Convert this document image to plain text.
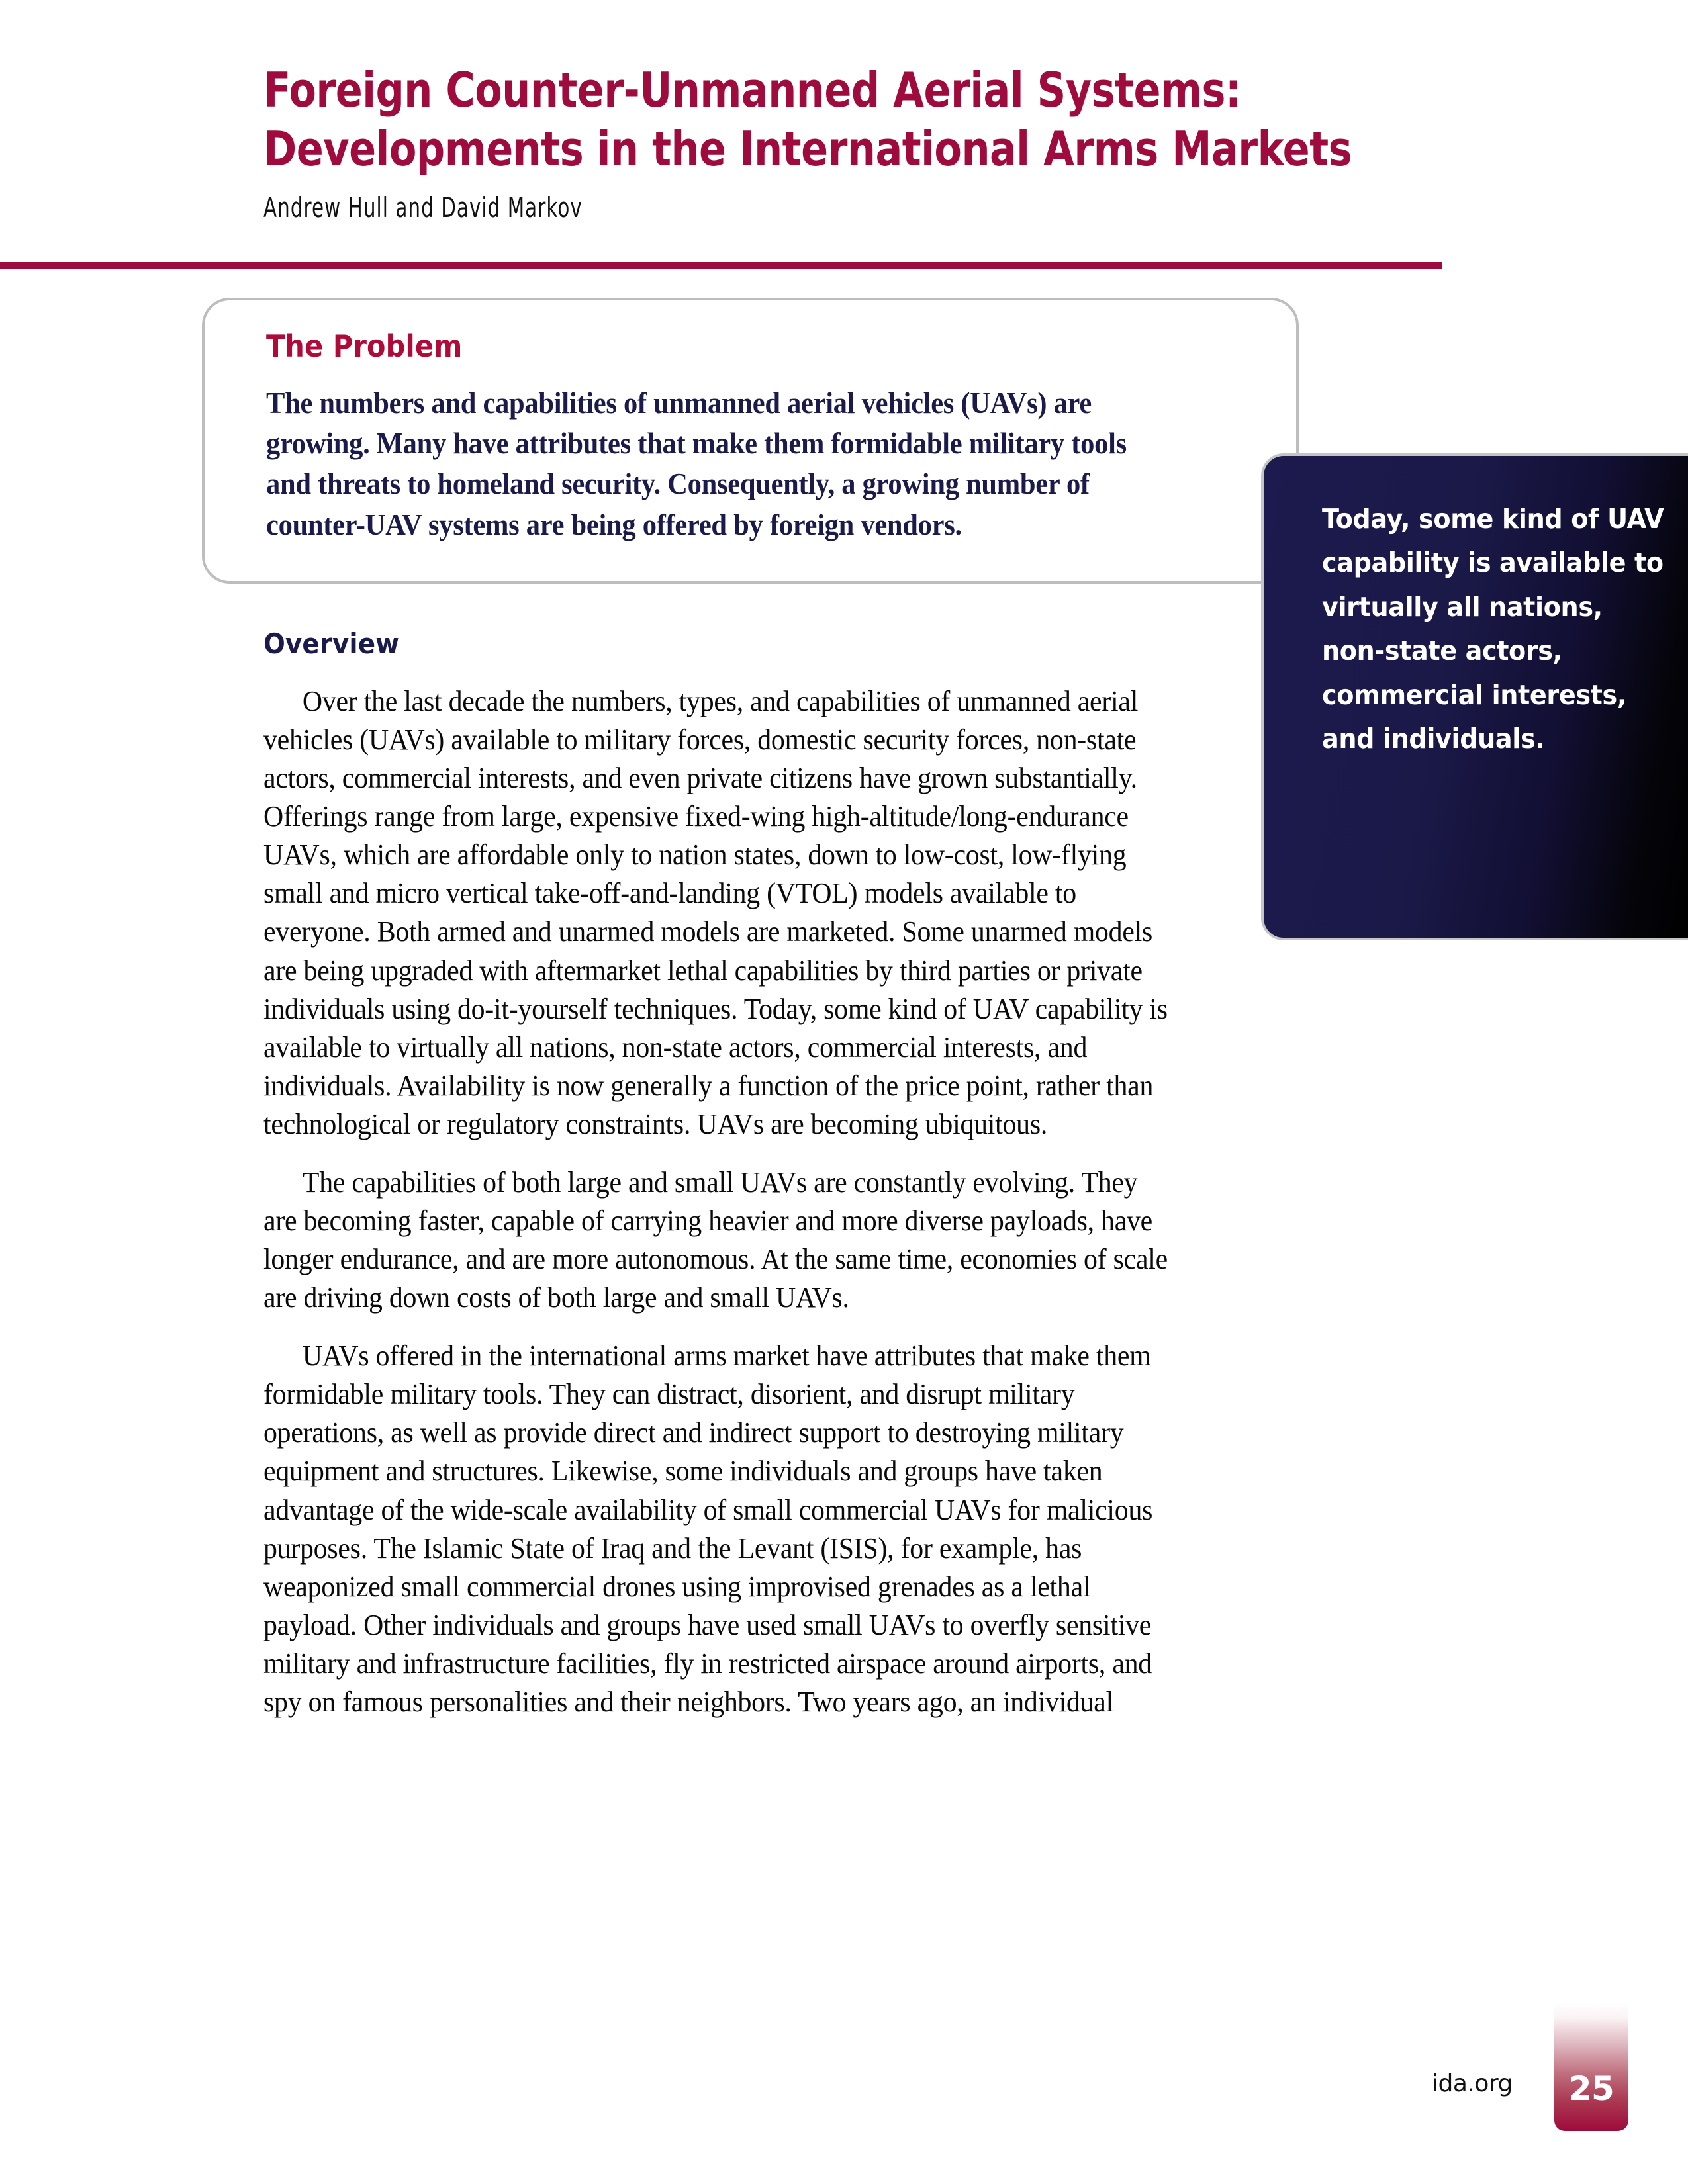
Foreign Counter-Unmanned Aerial Systems:
Developments in the International Arms Markets
Andrew Hull and David Markov
The Problem
The numbers and capabilities of unmanned aerial vehicles (UAVs) are growing. Many have attributes that make them formidable military tools and threats to homeland security. Consequently, a growing number of counter-UAV systems are being offered by foreign vendors.	Today, some kind of UAV capability is available to virtually all nations, non-state actors, commercial interests, and individuals.
Overview

Over the last decade the numbers, types, and capabilities of unmanned aerial vehicles (UAVs) available to military forces, domestic security forces, non-state actors, commercial interests, and even private citizens have grown substantially. Offerings range from large, expensive fixed-wing high-altitude/long-endurance UAVs, which are affordable only to nation states, down to low-cost, low-flying small and micro vertical take-off-and-landing (VTOL) models available to everyone. Both armed and unarmed models are marketed. Some unarmed models are being upgraded with aftermarket lethal capabilities by third parties or private individuals using do-it-yourself techniques. Today, some kind of UAV capability is available to virtually all nations, non-state actors, commercial interests, and individuals. Availability is now generally a function of the price point, rather than technological or regulatory constraints. UAVs are becoming ubiquitous.

The capabilities of both large and small UAVs are constantly evolving. They are becoming faster, capable of carrying heavier and more diverse payloads, have longer endurance, and are more autonomous. At the same time, economies of scale are driving down costs of both large and small UAVs.

UAVs offered in the international arms market have attributes that make them formidable military tools. They can distract, disorient, and disrupt military operations, as well as provide direct and indirect support to destroying military equipment and structures. Likewise, some individuals and groups have taken advantage of the wide-scale availability of small commercial UAVs for malicious purposes. The Islamic State of Iraq and the Levant (ISIS), for example, has weaponized small commercial drones using improvised grenades as a lethal payload. Other individuals and groups have used small UAVs to overfly sensitive military and infrastructure facilities, fly in restricted airspace around airports, and spy on famous personalities and their neighbors. Two years ago, an individual

ida.org	25
